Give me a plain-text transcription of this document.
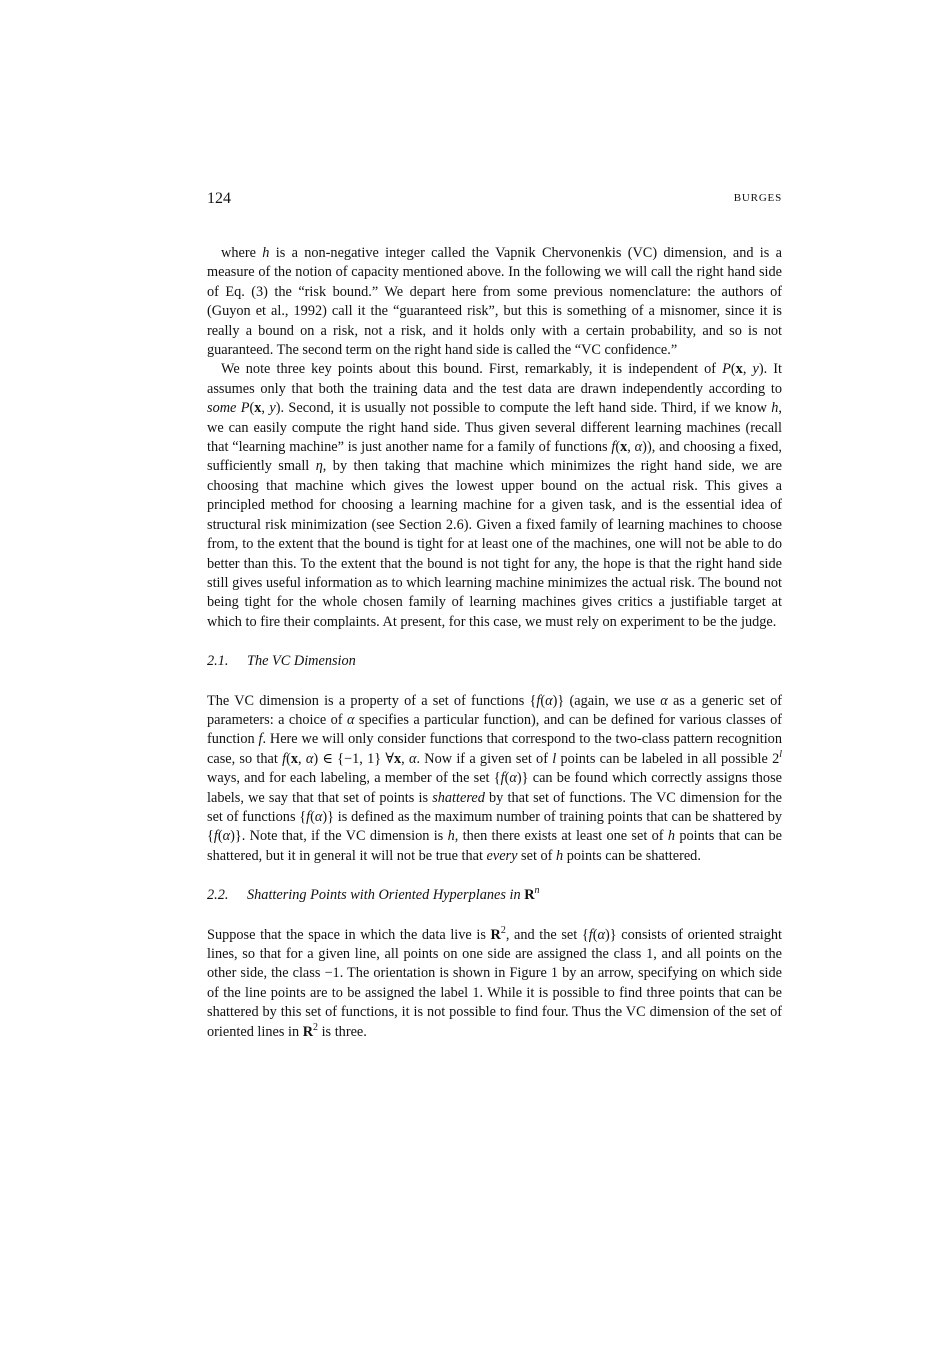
124	BURGES

where h is a non-negative integer called the Vapnik Chervonenkis (VC) dimension, and is a measure of the notion of capacity mentioned above. In the following we will call the right hand side of Eq. (3) the “risk bound.” We depart here from some previous nomenclature: the authors of (Guyon et al., 1992) call it the “guaranteed risk”, but this is something of a misnomer, since it is really a bound on a risk, not a risk, and it holds only with a certain probability, and so is not guaranteed. The second term on the right hand side is called the “VC confidence.”

We note three key points about this bound. First, remarkably, it is independent of P(x, y). It assumes only that both the training data and the test data are drawn independently according to some P(x, y). Second, it is usually not possible to compute the left hand side. Third, if we know h, we can easily compute the right hand side. Thus given several different learning machines (recall that “learning machine” is just another name for a family of functions f(x, α)), and choosing a fixed, sufficiently small η, by then taking that machine which minimizes the right hand side, we are choosing that machine which gives the lowest upper bound on the actual risk. This gives a principled method for choosing a learning machine for a given task, and is the essential idea of structural risk minimization (see Section 2.6). Given a fixed family of learning machines to choose from, to the extent that the bound is tight for at least one of the machines, one will not be able to do better than this. To the extent that the bound is not tight for any, the hope is that the right hand side still gives useful information as to which learning machine minimizes the actual risk. The bound not being tight for the whole chosen family of learning machines gives critics a justifiable target at which to fire their complaints. At present, for this case, we must rely on experiment to be the judge.

2.1. The VC Dimension

The VC dimension is a property of a set of functions {f(α)} (again, we use α as a generic set of parameters: a choice of α specifies a particular function), and can be defined for various classes of function f. Here we will only consider functions that correspond to the two-class pattern recognition case, so that f(x, α) ∈ {−1, 1} ∀x, α. Now if a given set of l points can be labeled in all possible 2$^l$ ways, and for each labeling, a member of the set {f(α)} can be found which correctly assigns those labels, we say that that set of points is shattered by that set of functions. The VC dimension for the set of functions {f(α)} is defined as the maximum number of training points that can be shattered by {f(α)}. Note that, if the VC dimension is h, then there exists at least one set of h points that can be shattered, but it in general it will not be true that every set of h points can be shattered.

2.2. Shattering Points with Oriented Hyperplanes in $R^n$

Suppose that the space in which the data live is $R^2$, and the set {f(α)} consists of oriented straight lines, so that for a given line, all points on one side are assigned the class 1, and all points on the other side, the class −1. The orientation is shown in Figure 1 by an arrow, specifying on which side of the line points are to be assigned the label 1. While it is possible to find three points that can be shattered by this set of functions, it is not possible to find four. Thus the VC dimension of the set of oriented lines in $R^2$ is three.
